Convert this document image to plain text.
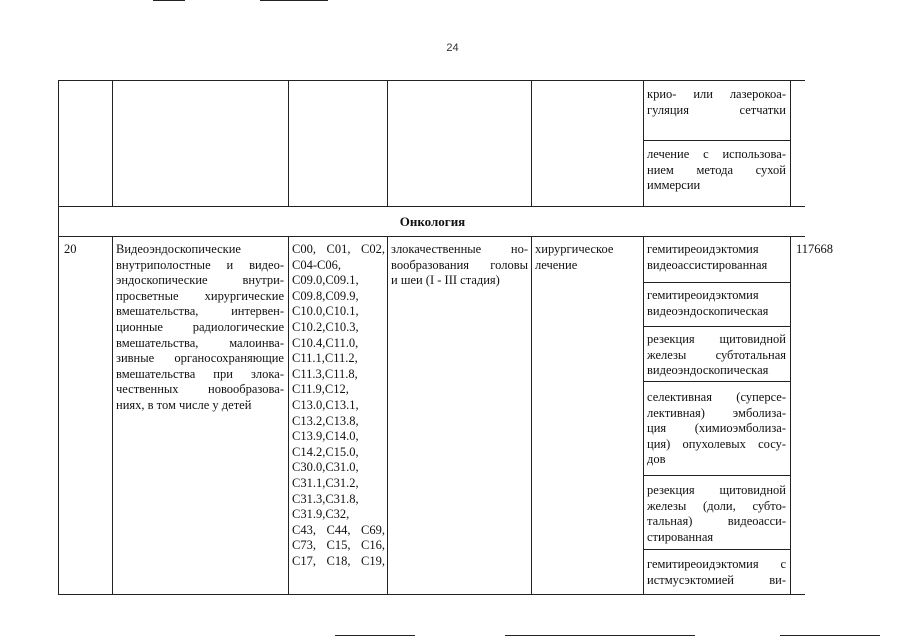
24
крио- или лазерокоа-гуляция сетчатки
лечение с использова-нием метода сухой иммерсии
Онкология
20	Видеоэндоскопические
внутриполостные и видео-
эндоскопические внутри-
просветные хирургические
вмешательства, интервен-
ционные радиологические
вмешательства, малоинва-
зивные органосохраняющие
вмешательства при злока-
чественных новообразова-
ниях, в том числе у детей
C00, C01, C02,
C04-C06,
C09.0,C09.1,
C09.8,C09.9,
C10.0,C10.1,
C10.2,C10.3,
C10.4,C11.0,
C11.1,C11.2,
C11.3,C11.8,
C11.9,C12,
C13.0,C13.1,
C13.2,C13.8,
C13.9,C14.0,
C14.2,C15.0,
C30.0,C31.0,
C31.1,C31.2,
C31.3,C31.8,
C31.9,C32,
C43, C44, C69,
C73, C15, C16,
C17, C18, C19,
злокачественные но-
вообразования головы
и шеи (I - III стадия)
хирургическое
лечение
гемитиреоидэктомия
видеоассистированная
гемитиреоидэктомия
видеоэндоскопическая
резекция щитовидной
железы субтотальная
видеоэндоскопическая
селективная (суперсе-
лективная) эмболиза-
ция (химиоэмболиза-
ция) опухолевых сосу-
дов
резекция щитовидной
железы (доли, субто-
тальная) видеоасси-
стированная
гемитиреоидэктомия с
истмусэктомией ви-
117668
